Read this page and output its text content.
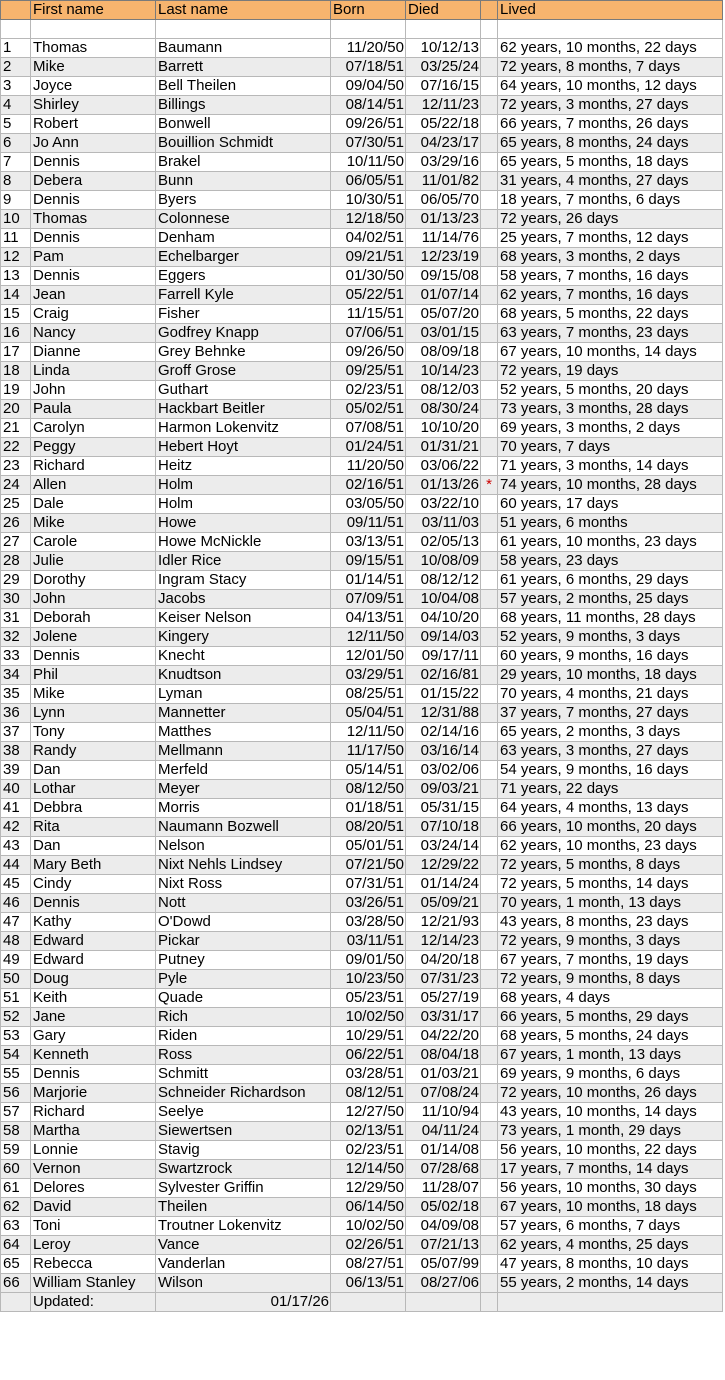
	First name	Last name	Born	Died		Lived

1	Thomas	Baumann	11/20/50	10/12/13		62 years, 10 months, 22 days
2	Mike	Barrett	07/18/51	03/25/24		72 years, 8 months, 7 days
3	Joyce	Bell Theilen	09/04/50	07/16/15		64 years, 10 months, 12 days
4	Shirley	Billings	08/14/51	12/11/23		72 years, 3 months, 27 days
5	Robert	Bonwell	09/26/51	05/22/18		66 years, 7 months, 26 days
6	Jo Ann	Bouillion Schmidt	07/30/51	04/23/17		65 years, 8 months, 24 days
7	Dennis	Brakel	10/11/50	03/29/16		65 years, 5 months, 18 days
8	Debera	Bunn	06/05/51	11/01/82		31 years, 4 months, 27 days
9	Dennis	Byers	10/30/51	06/05/70		18 years, 7 months, 6 days
10	Thomas	Colonnese	12/18/50	01/13/23		72 years, 26 days
11	Dennis	Denham	04/02/51	11/14/76		25 years, 7 months, 12 days
12	Pam	Echelbarger	09/21/51	12/23/19		68 years, 3 months, 2 days
13	Dennis	Eggers	01/30/50	09/15/08		58 years, 7 months, 16 days
14	Jean	Farrell Kyle	05/22/51	01/07/14		62 years, 7 months, 16 days
15	Craig	Fisher	11/15/51	05/07/20		68 years, 5 months, 22 days
16	Nancy	Godfrey Knapp	07/06/51	03/01/15		63 years, 7 months, 23 days
17	Dianne	Grey Behnke	09/26/50	08/09/18		67 years, 10 months, 14 days
18	Linda	Groff Grose	09/25/51	10/14/23		72 years, 19 days
19	John	Guthart	02/23/51	08/12/03		52 years, 5 months, 20 days
20	Paula	Hackbart Beitler	05/02/51	08/30/24		73 years, 3 months, 28 days
21	Carolyn	Harmon Lokenvitz	07/08/51	10/10/20		69 years, 3 months, 2 days
22	Peggy	Hebert Hoyt	01/24/51	01/31/21		70 years, 7 days
23	Richard	Heitz	11/20/50	03/06/22		71 years, 3 months, 14 days
24	Allen	Holm	02/16/51	01/13/26	*	74 years, 10 months, 28 days
25	Dale	Holm	03/05/50	03/22/10		60 years, 17 days
26	Mike	Howe	09/11/51	03/11/03		51 years, 6 months
27	Carole	Howe McNickle	03/13/51	02/05/13		61 years, 10 months, 23 days
28	Julie	Idler Rice	09/15/51	10/08/09		58 years, 23 days
29	Dorothy	Ingram Stacy	01/14/51	08/12/12		61 years, 6 months, 29 days
30	John	Jacobs	07/09/51	10/04/08		57 years, 2 months, 25 days
31	Deborah	Keiser Nelson	04/13/51	04/10/20		68 years, 11 months, 28 days
32	Jolene	Kingery	12/11/50	09/14/03		52 years, 9 months, 3 days
33	Dennis	Knecht	12/01/50	09/17/11		60 years, 9 months, 16 days
34	Phil	Knudtson	03/29/51	02/16/81		29 years, 10 months, 18 days
35	Mike	Lyman	08/25/51	01/15/22		70 years, 4 months, 21 days
36	Lynn	Mannetter	05/04/51	12/31/88		37 years, 7 months, 27 days
37	Tony	Matthes	12/11/50	02/14/16		65 years, 2 months, 3 days
38	Randy	Mellmann	11/17/50	03/16/14		63 years, 3 months, 27 days
39	Dan	Merfeld	05/14/51	03/02/06		54 years, 9 months, 16 days
40	Lothar	Meyer	08/12/50	09/03/21		71 years, 22 days
41	Debbra	Morris	01/18/51	05/31/15		64 years, 4 months, 13 days
42	Rita	Naumann Bozwell	08/20/51	07/10/18		66 years, 10 months, 20 days
43	Dan	Nelson	05/01/51	03/24/14		62 years, 10 months, 23 days
44	Mary Beth	Nixt Nehls Lindsey	07/21/50	12/29/22		72 years, 5 months, 8 days
45	Cindy	Nixt Ross	07/31/51	01/14/24		72 years, 5 months, 14 days
46	Dennis	Nott	03/26/51	05/09/21		70 years, 1 month, 13 days
47	Kathy	O'Dowd	03/28/50	12/21/93		43 years, 8 months, 23 days
48	Edward	Pickar	03/11/51	12/14/23		72 years, 9 months, 3 days
49	Edward	Putney	09/01/50	04/20/18		67 years, 7 months, 19 days
50	Doug	Pyle	10/23/50	07/31/23		72 years, 9 months, 8 days
51	Keith	Quade	05/23/51	05/27/19		68 years, 4 days
52	Jane	Rich	10/02/50	03/31/17		66 years, 5 months, 29 days
53	Gary	Riden	10/29/51	04/22/20		68 years, 5 months, 24 days
54	Kenneth	Ross	06/22/51	08/04/18		67 years, 1 month, 13 days
55	Dennis	Schmitt	03/28/51	01/03/21		69 years, 9 months, 6 days
56	Marjorie	Schneider Richardson	08/12/51	07/08/24		72 years, 10 months, 26 days
57	Richard	Seelye	12/27/50	11/10/94		43 years, 10 months, 14 days
58	Martha	Siewertsen	02/13/51	04/11/24		73 years, 1 month, 29 days
59	Lonnie	Stavig	02/23/51	01/14/08		56 years, 10 months, 22 days
60	Vernon	Swartzrock	12/14/50	07/28/68		17 years, 7 months, 14 days
61	Delores	Sylvester Griffin	12/29/50	11/28/07		56 years, 10 months, 30 days
62	David	Theilen	06/14/50	05/02/18		67 years, 10 months, 18 days
63	Toni	Troutner Lokenvitz	10/02/50	04/09/08		57 years, 6 months, 7 days
64	Leroy	Vance	02/26/51	07/21/13		62 years, 4 months, 25 days
65	Rebecca	Vanderlan	08/27/51	05/07/99		47 years, 8 months, 10 days
66	William Stanley	Wilson	06/13/51	08/27/06		55 years, 2 months, 14 days
	Updated:	01/17/26				
